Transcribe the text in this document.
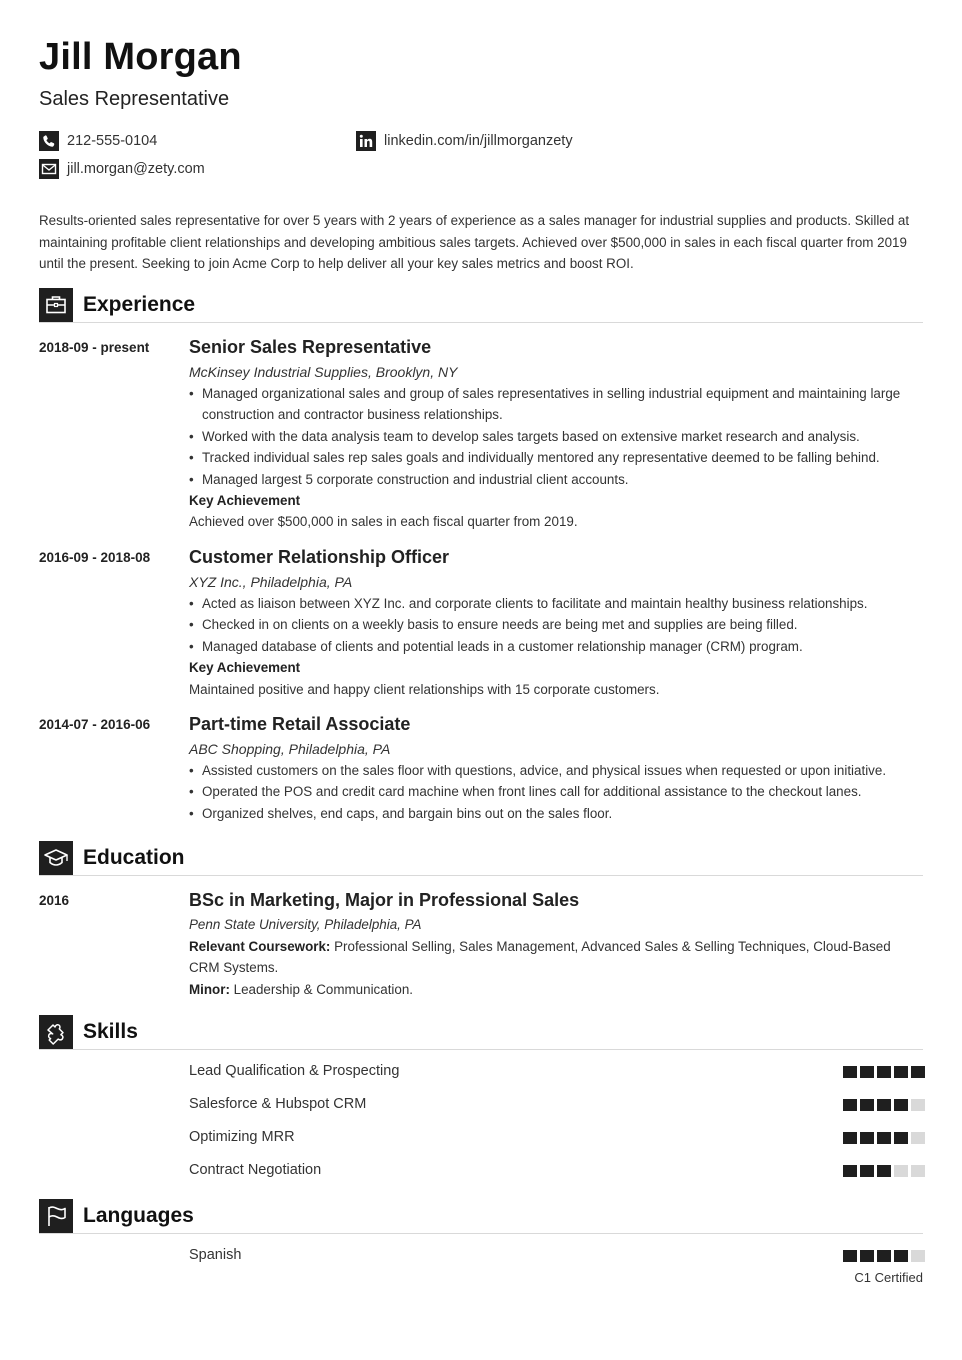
Jill Morgan
Sales Representative
212-555-0104
jill.morgan@zety.com
linkedin.com/in/jillmorganzety
Results-oriented sales representative for over 5 years with 2 years of experience as a sales manager for industrial supplies and products. Skilled at maintaining profitable client relationships and developing ambitious sales targets. Achieved over $500,000 in sales in each fiscal quarter from 2019 until the present. Seeking to join Acme Corp to help deliver all your key sales metrics and boost ROI.
Experience
2018-09 - present Senior Sales Representative
McKinsey Industrial Supplies, Brooklyn, NY
• Managed organizational sales and group of sales representatives in selling industrial equipment and maintaining large construction and contractor business relationships.
• Worked with the data analysis team to develop sales targets based on extensive market research and analysis.
• Tracked individual sales rep sales goals and individually mentored any representative deemed to be falling behind.
• Managed largest 5 corporate construction and industrial client accounts.
Key Achievement
Achieved over $500,000 in sales in each fiscal quarter from 2019.
2016-09 - 2018-08 Customer Relationship Officer
XYZ Inc., Philadelphia, PA
• Acted as liaison between XYZ Inc. and corporate clients to facilitate and maintain healthy business relationships.
• Checked in on clients on a weekly basis to ensure needs are being met and supplies are being filled.
• Managed database of clients and potential leads in a customer relationship manager (CRM) program.
Key Achievement
Maintained positive and happy client relationships with 15 corporate customers.
2014-07 - 2016-06 Part-time Retail Associate
ABC Shopping, Philadelphia, PA
• Assisted customers on the sales floor with questions, advice, and physical issues when requested or upon initiative.
• Operated the POS and credit card machine when front lines call for additional assistance to the checkout lanes.
• Organized shelves, end caps, and bargain bins out on the sales floor.
Education
2016	BSc in Marketing, Major in Professional Sales
Penn State University, Philadelphia, PA
Relevant Coursework: Professional Selling, Sales Management, Advanced Sales & Selling Techniques, Cloud-Based CRM Systems.
Minor: Leadership & Communication.
Skills
Lead Qualification & Prospecting
Salesforce & Hubspot CRM
Optimizing MRR
Contract Negotiation
Languages
Spanish
C1 Certified
